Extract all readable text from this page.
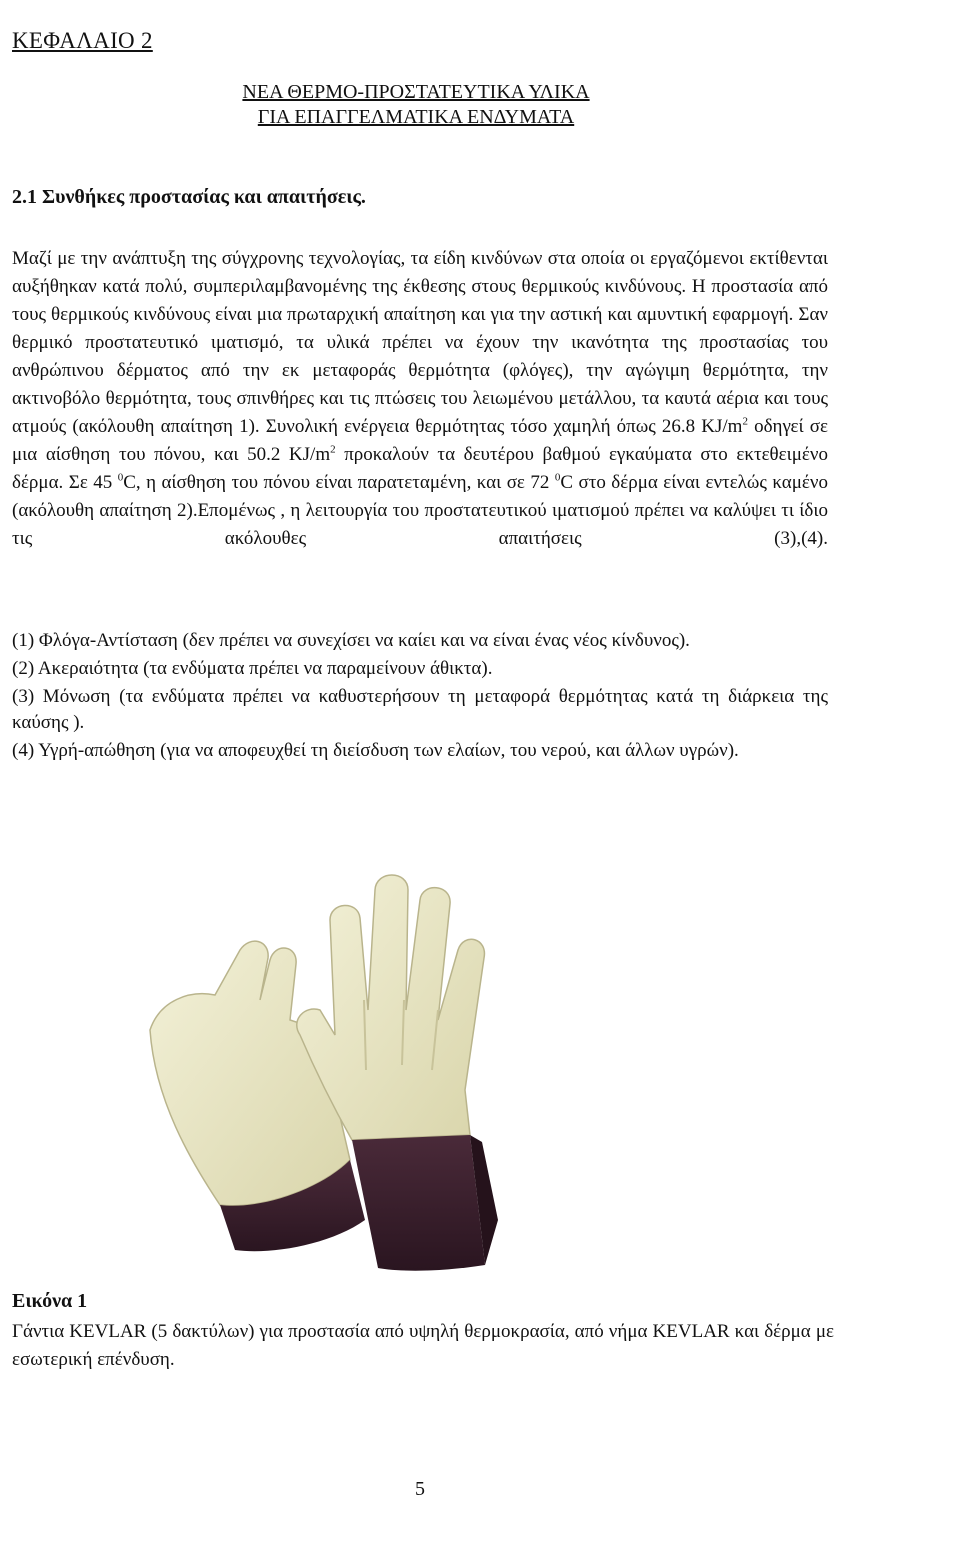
ΚΕΦΑΛΑΙΟ 2
ΝΕΑ ΘΕΡΜΟ-ΠΡΟΣΤΑΤΕΥΤΙΚΑ ΥΛΙΚΑ
ΓΙΑ ΕΠΑΓΓΕΛΜΑΤΙΚΑ ΕΝΔΥΜΑΤΑ
2.1 Συνθήκες προστασίας και απαιτήσεις.
Μαζί με την ανάπτυξη της σύγχρονης τεχνολογίας, τα είδη κινδύνων στα οποία οι εργαζόμενοι εκτίθενται αυξήθηκαν κατά πολύ, συμπεριλαμβανομένης της έκθεσης στους θερμικούς κινδύνους. Η προστασία από τους θερμικούς κινδύνους είναι μια πρωταρχική απαίτηση και για την αστική και αμυντική εφαρμογή. Σαν θερμικό προστατευτικό ιματισμό, τα υλικά πρέπει να έχουν την ικανότητα της προστασίας του ανθρώπινου δέρματος από την εκ μεταφοράς θερμότητα (φλόγες), την αγώγιμη θερμότητα, την ακτινοβόλο θερμότητα, τους σπινθήρες και τις πτώσεις του λειωμένου μετάλλου, τα καυτά αέρια και τους ατμούς (ακόλουθη απαίτηση 1). Συνολική ενέργεια θερμότητας τόσο χαμηλή όπως 26.8 $KJ/m^2$ οδηγεί σε μια αίσθηση του πόνου, και 50.2 $KJ/m^2$ προκαλούν τα δευτέρου βαθμού εγκαύματα στο εκτεθειμένο δέρμα. Σε 45 $^0$C, η αίσθηση του πόνου είναι παρατεταμένη, και σε 72 $^0$C στο δέρμα είναι εντελώς καμένο (ακόλουθη απαίτηση 2).Επομένως , η λειτουργία του προστατευτικού ιματισμού πρέπει να καλύψει τι ίδιο τις ακόλουθες απαιτήσεις (3),(4).
(1) Φλόγα-Αντίσταση (δεν πρέπει να συνεχίσει να καίει και να είναι ένας νέος κίνδυνος).
(2) Ακεραιότητα (τα ενδύματα πρέπει να παραμείνουν άθικτα).
(3) Μόνωση (τα ενδύματα πρέπει να καθυστερήσουν τη μεταφορά θερμότητας κατά τη διάρκεια της καύσης ).
(4) Υγρή-απώθηση (για να αποφευχθεί τη διείσδυση των ελαίων, του νερού, και άλλων υγρών).
Εικόνα 1
Γάντια KEVLAR (5 δακτύλων) για προστασία από υψηλή θερμοκρασία, από νήμα KEVLAR και δέρμα με εσωτερική επένδυση.
5
